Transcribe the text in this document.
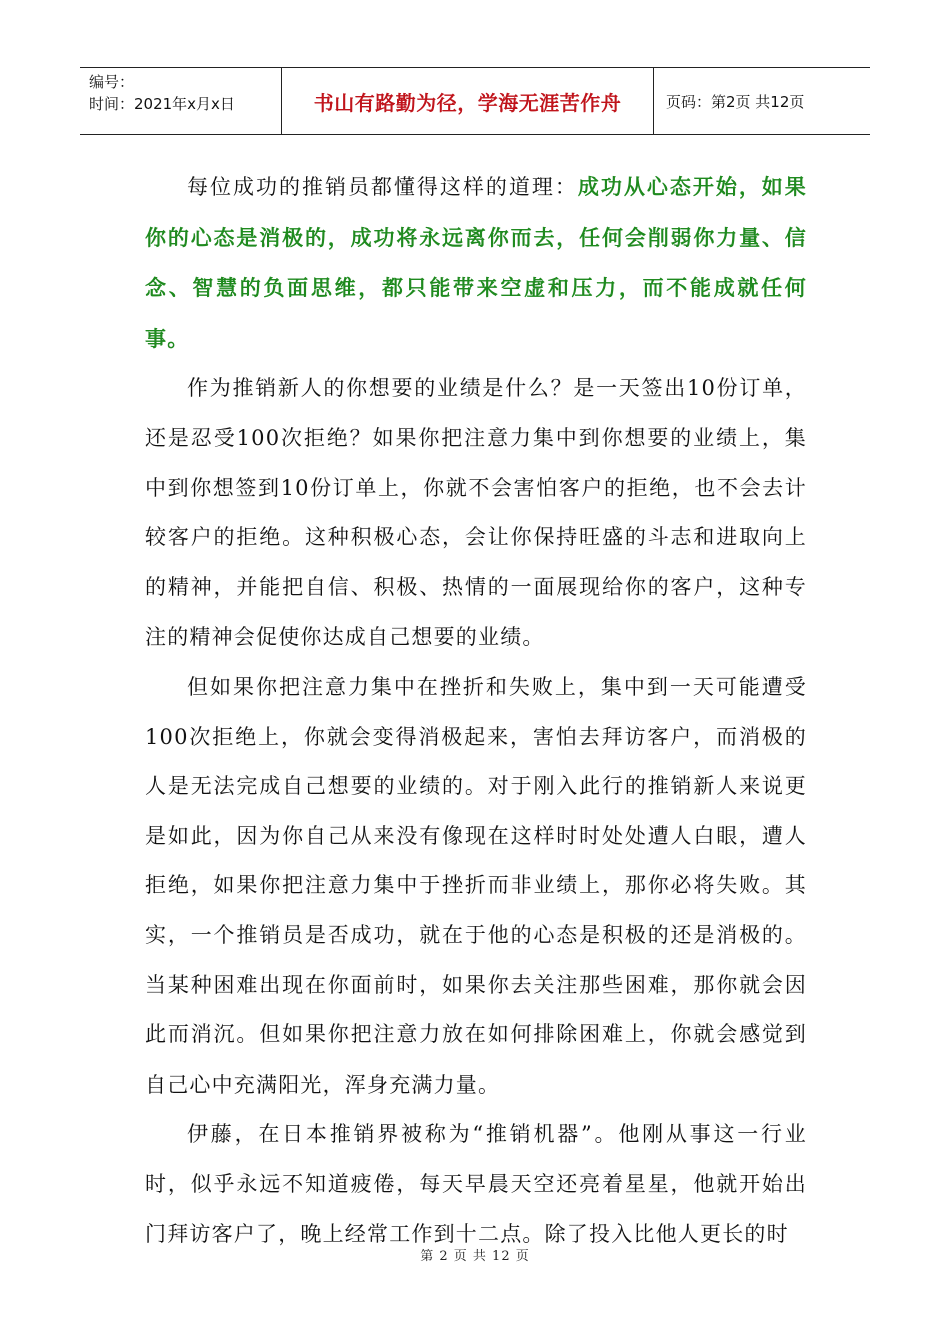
编号：
时间：2021年x月x日	书山有路勤为径，学海无涯苦作舟	页码：第2页 共12页

每位成功的推销员都懂得这样的道理：成功从心态开始，如果你的心态是消极的，成功将永远离你而去，任何会削弱你力量、信念、智慧的负面思维，都只能带来空虚和压力，而不能成就任何事。

作为推销新人的你想要的业绩是什么？是一天签出10份订单，还是忍受100次拒绝？如果你把注意力集中到你想要的业绩上，集中到你想签到10份订单上，你就不会害怕客户的拒绝，也不会去计较客户的拒绝。这种积极心态，会让你保持旺盛的斗志和进取向上的精神，并能把自信、积极、热情的一面展现给你的客户，这种专注的精神会促使你达成自己想要的业绩。

但如果你把注意力集中在挫折和失败上，集中到一天可能遭受100次拒绝上，你就会变得消极起来，害怕去拜访客户，而消极的人是无法完成自己想要的业绩的。对于刚入此行的推销新人来说更是如此，因为你自己从来没有像现在这样时时处处遭人白眼，遭人拒绝，如果你把注意力集中于挫折而非业绩上，那你必将失败。其实，一个推销员是否成功，就在于他的心态是积极的还是消极的。当某种困难出现在你面前时，如果你去关注那些困难，那你就会因此而消沉。但如果你把注意力放在如何排除困难上，你就会感觉到自己心中充满阳光，浑身充满力量。

伊藤，在日本推销界被称为“推销机器”。他刚从事这一行业时，似乎永远不知道疲倦，每天早晨天空还亮着星星，他就开始出门拜访客户了，晚上经常工作到十二点。除了投入比他人更长的时

第 2 页 共 12 页
